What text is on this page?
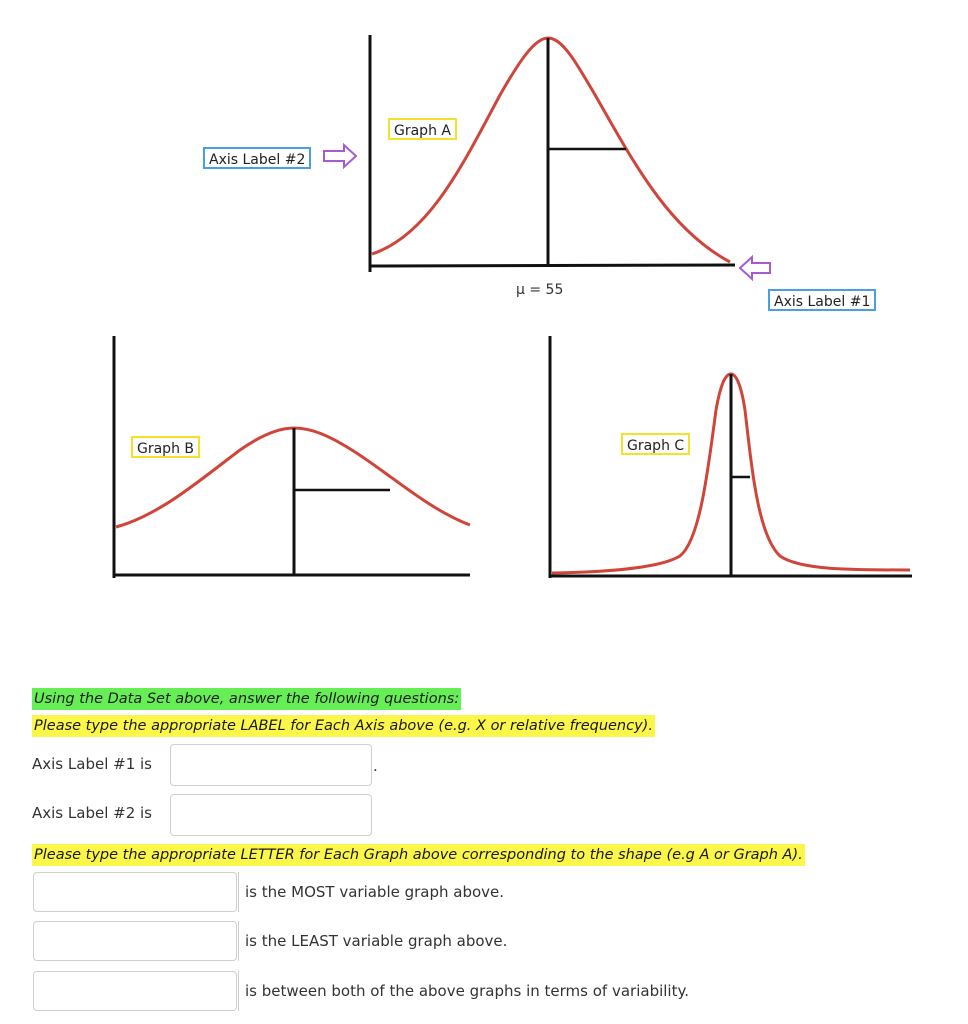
Graph A
Axis Label #2
μ = 55
Axis Label #1
Graph B	Graph C
Using the Data Set above, answer the following questions:
Please type the appropriate LABEL for Each Axis above (e.g. X or relative frequency).
Axis Label #1 is	.
Axis Label #2 is
Please type the appropriate LETTER for Each Graph above corresponding to the shape (e.g A or Graph A).
is the MOST variable graph above.
is the LEAST variable graph above.
is between both of the above graphs in terms of variability.
